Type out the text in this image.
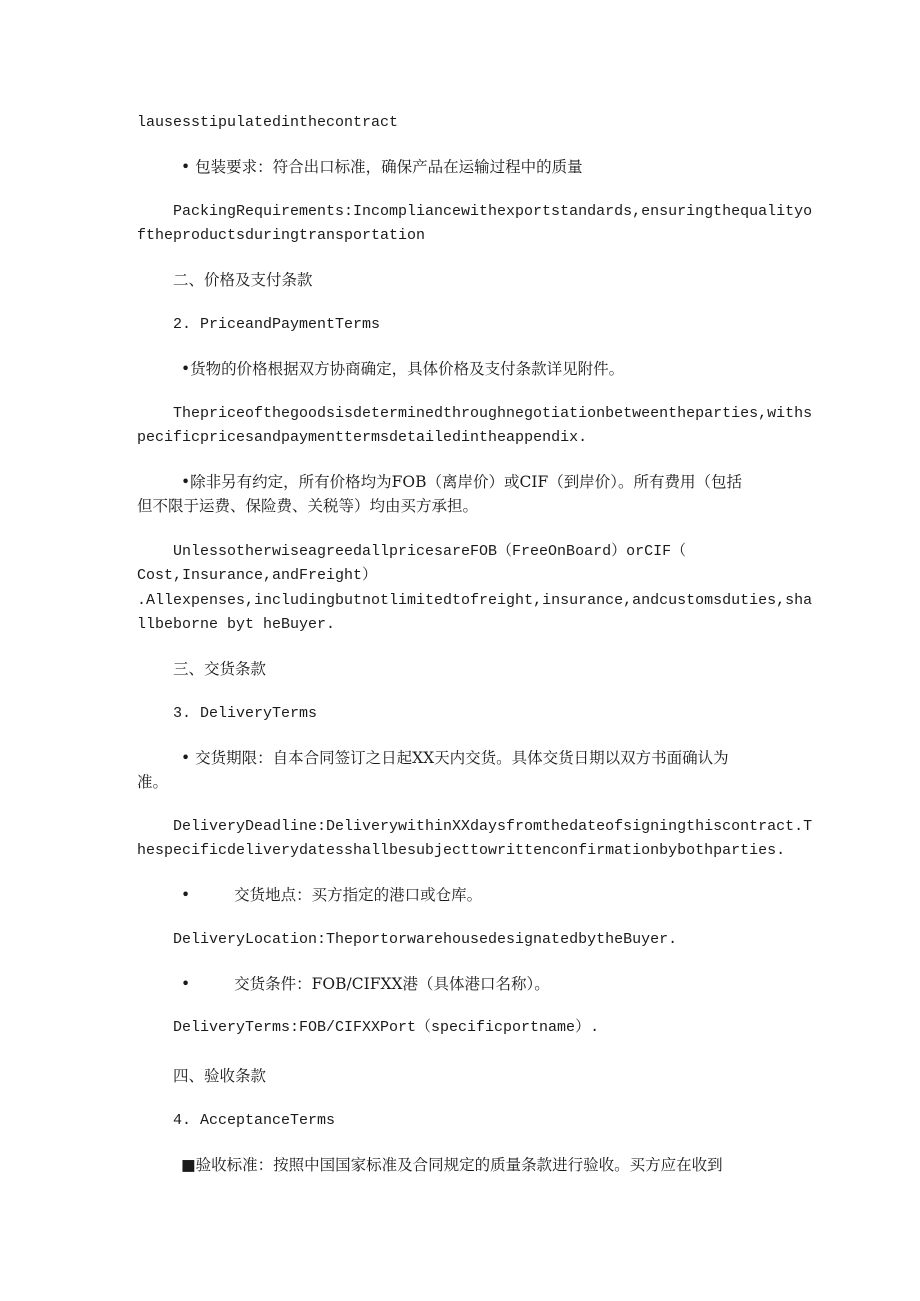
lausesstipulatedinthecontract
• 包装要求：符合出口标准，确保产品在运输过程中的质量
PackingRequirements:Incompliancewithexportstandards,ensuringthequalityo
ftheproductsduringtransportation
二、价格及支付条款
2. PriceandPaymentTerms
•货物的价格根据双方协商确定，具体价格及支付条款详见附件。
Thepriceofthegoodsisdeterminedthroughnegotiationbetweentheparties,withs
pecificpricesandpaymenttermsdetailedintheappendix.
•除非另有约定，所有价格均为FOB（离岸价）或CIF（到岸价）。所有费用（包括
但不限于运费、保险费、关税等）均由买方承担。
UnlessotherwiseagreedallpricesareFOB（FreeOnBoard）orCIF（
Cost,Insurance,andFreight）
.Allexpenses,includingbutnotlimitedtofreight,insurance,andcustomsduties,sha
llbeborne byt heBuyer.
三、交货条款
3. DeliveryTerms
• 交货期限：自本合同签订之日起XX天内交货。具体交货日期以双方书面确认为
准。
DeliveryDeadline:DeliverywithinXXdaysfromthedateofsigningthiscontract.T
hespecificdeliverydatesshallbesubjecttowrittenconfirmationbybothparties.
•	交货地点：买方指定的港口或仓库。
DeliveryLocation:TheportorwarehousedesignatedbytheBuyer.
•	交货条件：FOB/CIFXX港（具体港口名称）。
DeliveryTerms:FOB/CIFXXPort（specificportname）.
四、验收条款
4. AcceptanceTerms
■验收标准：按照中国国家标准及合同规定的质量条款进行验收。买方应在收到
